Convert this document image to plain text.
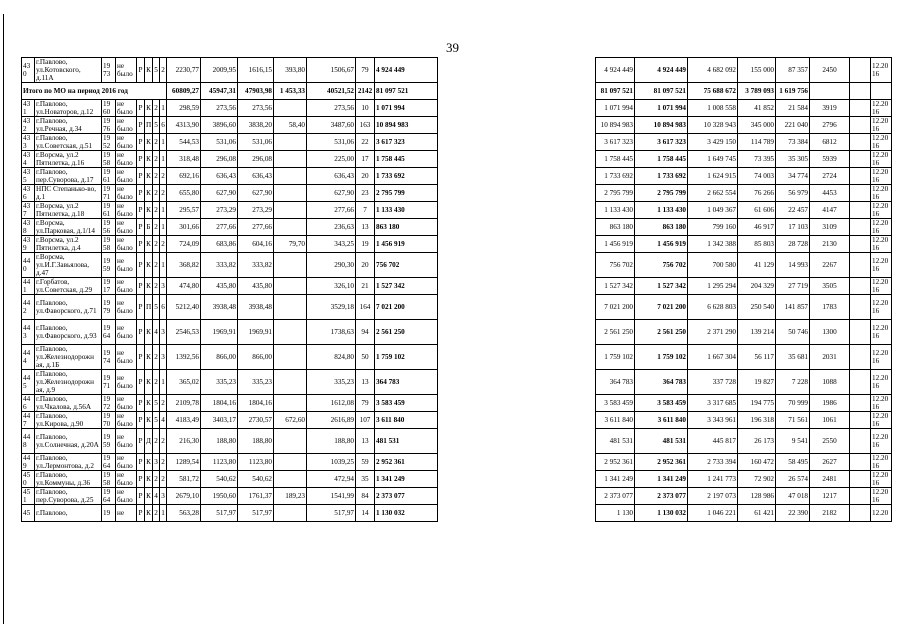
39
43 0	г.Павлово, ул.Котовского, д.11А	19 73	не было	Р	К	5	2	2230,77	2009,95	1616,15	393,80	1506,67	79	4 924 449		4 924 449	4 924 449	4 682 092	155 000	87 357	2450		12.20 16
Итого по МО на период 2016 год								60809,27	45947,31	47903,98	1 453,33	40521,52	2142	81 097 521		81 097 521	81 097 521	75 688 672	3 789 093	1 619 756			
43 1	г.Павлово, ул.Новаторов, д.12	19 60	не было	Р	К	2	1	298,59	273,56	273,56		273,56	10	1 071 994		1 071 994	1 071 994	1 008 558	41 852	21 584	3919		12.20 16
43 2	г.Павлово, ул.Речная, д.34	19 76	не было	Р	П	5	6	4313,90	3896,60	3838,20	58,40	3487,60	163	10 894 983		10 894 983	10 894 983	10 328 943	345 000	221 040	2796		12.20 16
43 3	г.Павлово, ул.Советская, д.51	19 52	не было	Р	К	2	1	544,53	531,06	531,06		531,06	22	3 617 323		3 617 323	3 617 323	3 429 150	114 789	73 384	6812		12.20 16
43 4	г.Ворсма, ул.2 Пятилетка, д.16	19 58	не было	Р	К	2	1	318,48	296,08	296,08		225,00	17	1 758 445		1 758 445	1 758 445	1 649 745	73 395	35 305	5939		12.20 16
43 5	г.Павлово, пер.Суворова, д.17	19 61	не было	Р	К	2	2	692,16	636,43	636,43		636,43	20	1 733 692		1 733 692	1 733 692	1 624 915	74 003	34 774	2724		12.20 16
43 6	НПС Степанько-во, д.1	19 71	не было	Р	К	2	2	655,80	627,90	627,90		627,90	23	2 795 799		2 795 799	2 795 799	2 662 554	76 266	56 979	4453		12.20 16
43 7	г.Ворсма, ул.2 Пятилетка, д.18	19 61	не было	Р	К	2	1	295,57	273,29	273,29		277,66	7	1 133 430		1 133 430	1 133 430	1 049 367	61 606	22 457	4147		12.20 16
43 8	г.Ворсма, ул.Парковая, д.1/14	19 56	не было	Р	Б	2	1	301,66	277,66	277,66		236,63	13	863 180		863 180	863 180	799 160	46 917	17 103	3109		12.20 16
43 9	г.Ворсма, ул.2 Пятилетка, д.4	19 58	не было	Р	К	2	2	724,09	683,86	604,16	79,70	343,25	19	1 456 919		1 456 919	1 456 919	1 342 388	85 803	28 728	2130		12.20 16
44 0	г.Ворсма, ул.И.Г.Завьялова, д.47	19 59	не было	Р	К	2	1	368,82	333,82	333,82		290,30	20	756 702		756 702	756 702	700 580	41 129	14 993	2267		12.20 16
44 1	г.Горбатов, ул.Советская, д.29	19 17	не было	Р	К	2	3	474,80	435,80	435,80		326,10	21	1 527 342		1 527 342	1 527 342	1 295 294	204 329	27 719	3505		12.20 16
44 2	г.Павлово, ул.Фаворского, д.71	19 79	не было	Р	П	5	6	5212,40	3938,48	3938,48		3529,18	164	7 021 200		7 021 200	7 021 200	6 628 803	250 540	141 857	1783		12.20 16
44 3	г.Павлово, ул.Фаворского, д.93	19 64	не было	Р	К	4	3	2546,53	1969,91	1969,91		1738,63	94	2 561 250		2 561 250	2 561 250	2 371 290	139 214	50 746	1300		12.20 16
44 4	г.Павлово, ул.Железнодорожн ая, д.1Б	19 74	не было	Р	К	2	3	1392,56	866,00	866,00		824,80	50	1 759 102		1 759 102	1 759 102	1 667 304	56 117	35 681	2031		12.20 16
44 5	г.Павлово, ул.Железнодорожн ая, д.9	19 71	не было	Р	К	2	1	365,02	335,23	335,23		335,23	13	364 783		364 783	364 783	337 728	19 827	7 228	1088		12.20 16
44 6	г.Павлово, ул.Чкалова, д.56А	19 72	не было	Р	К	5	2	2109,78	1804,16	1804,16		1612,08	79	3 583 459		3 583 459	3 583 459	3 317 685	194 775	70 999	1986		12.20 16
44 7	г.Павлово, ул.Кирова, д.90	19 70	не было	Р	К	5	4	4183,49	3403,17	2730,57	672,60	2616,89	107	3 611 840		3 611 840	3 611 840	3 343 961	196 318	71 561	1061		12.20 16
44 8	г.Павлово, ул.Солнечная, д.20А	19 59	не было	Р	Д	2	2	216,30	188,80	188,80		188,80	13	481 531		481 531	481 531	445 817	26 173	9 541	2550		12.20 16
44 9	г.Павлово, ул.Лермонтова, д.2	19 64	не было	Р	К	3	2	1289,54	1123,80	1123,80		1039,25	59	2 952 361		2 952 361	2 952 361	2 733 394	160 472	58 495	2627		12.20 16
45 0	г.Павлово, ул.Коммуны, д.36	19 58	не было	Р	К	2	2	581,72	540,62	540,62		472,94	35	1 341 249		1 341 249	1 341 249	1 241 773	72 902	26 574	2481		12.20 16
45 1	г.Павлово, пер.Суворова, д.25	19 64	не было	Р	К	4	3	2679,10	1950,60	1761,37	189,23	1541,99	84	2 373 077		2 373 077	2 373 077	2 197 073	128 986	47 018	1217		12.20 16
45	г.Павлово,	19	не	Р	К	2	1	563,28	517,97	517,97		517,97	14	1 130 032		1 130	1 130 032	1 046 221	61 421	22 390	2182		12.20
